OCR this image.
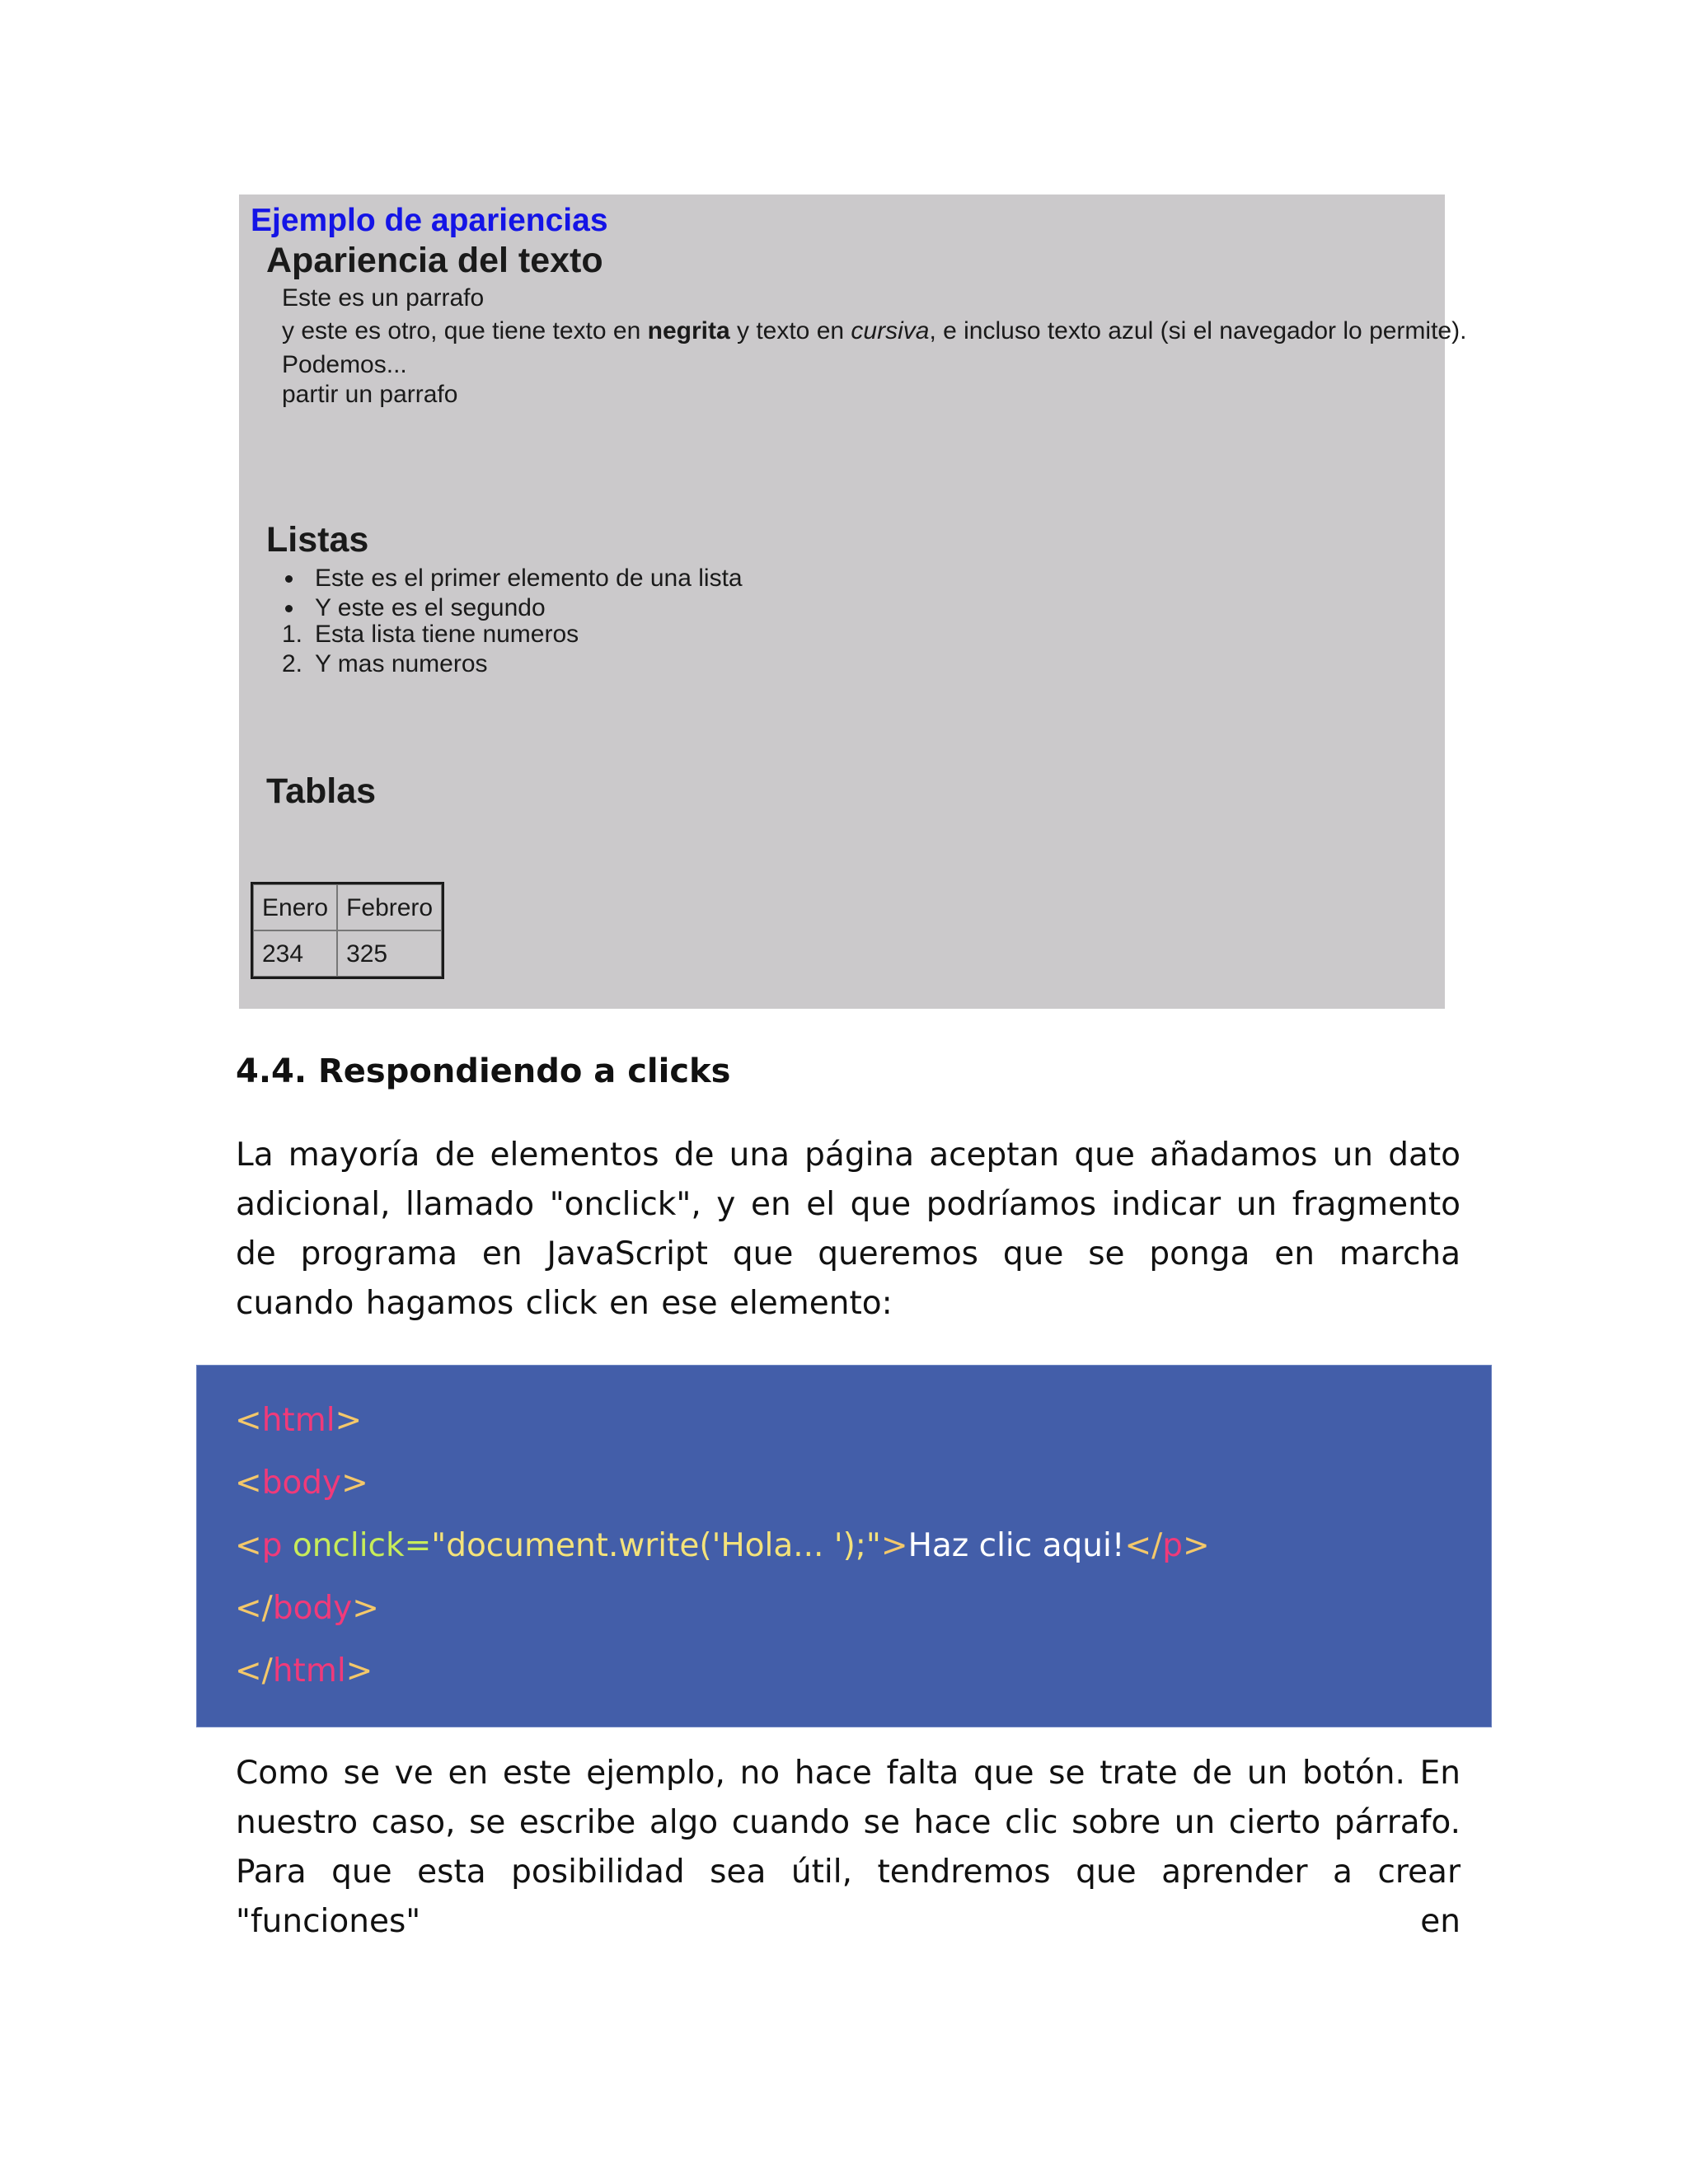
Ejemplo de apariencias
Apariencia del texto

Este es un parrafo

y este es otro, que tiene texto en negrita y texto en cursiva, e incluso texto azul (si el navegador lo permite).

Podemos...
partir un parrafo

Listas
Este es el primer elemento de una lista
Y este es el segundo
1. Esta lista tiene numeros
2. Y mas numeros
Tablas
Enero	Febrero
234	325
4.4. Respondiendo a clicks

La mayoría de elementos de una página aceptan que añadamos un dato adicional, llamado "onclick", y en el que podríamos indicar un fragmento de programa en JavaScript que queremos que se ponga en marcha cuando hagamos click en ese elemento:

<html>
<body>
<p onclick="document.write('Hola... ');">Haz clic aqui!</p>
</body>
</html>

Como se ve en este ejemplo, no hace falta que se trate de un botón. En nuestro caso, se escribe algo cuando se hace clic sobre un cierto párrafo. Para que esta posibilidad sea útil, tendremos que aprender a crear "funciones" en
